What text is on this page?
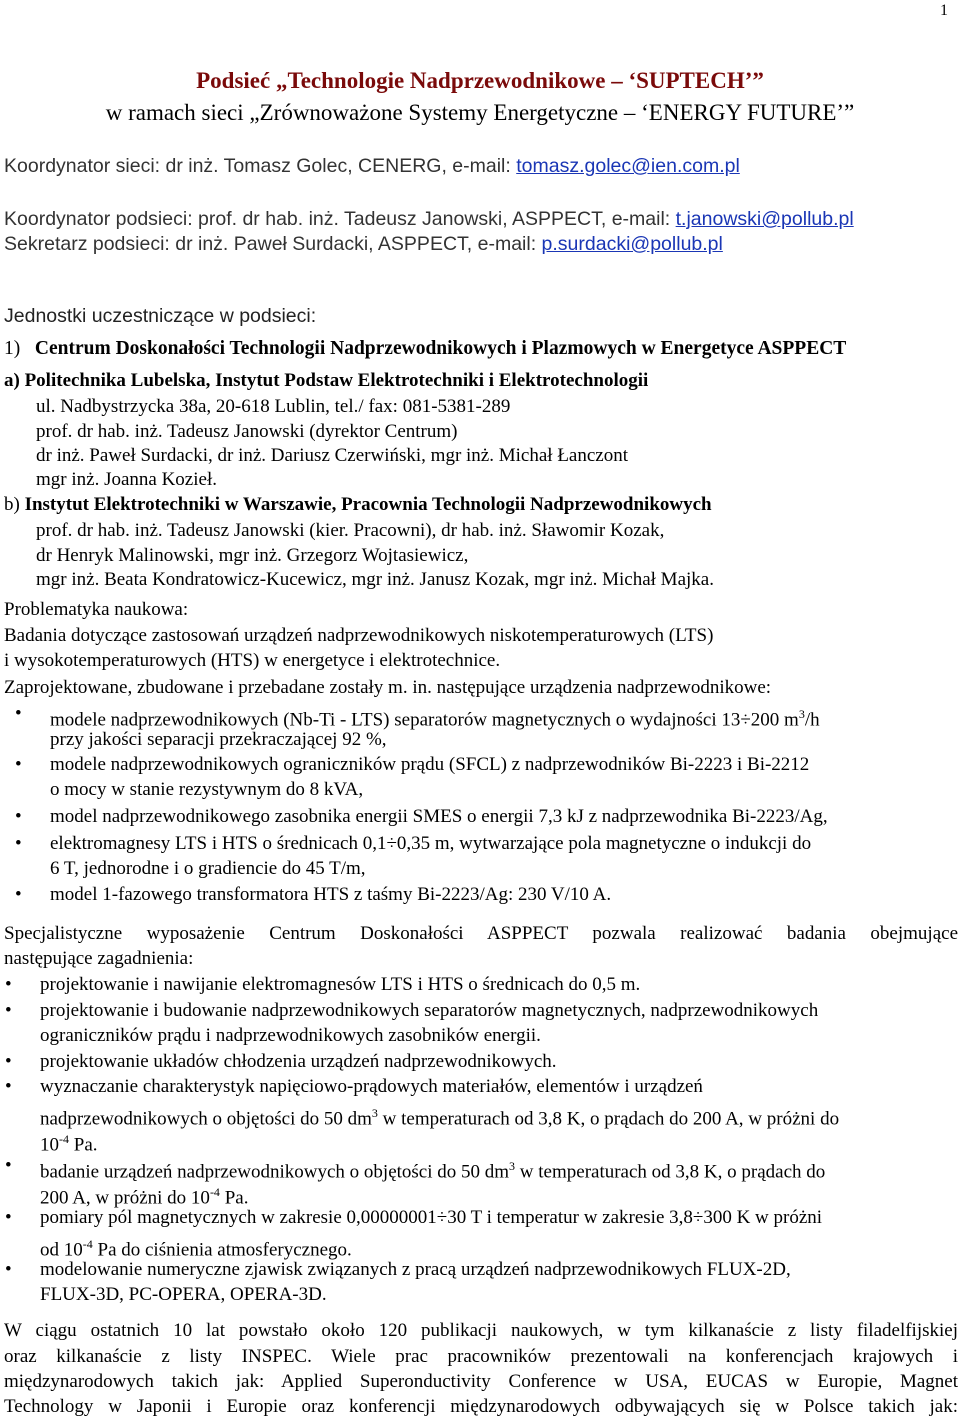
1
Podsieć „Technologie Nadprzewodnikowe – ‘SUPTECH’”
w ramach sieci „Zrównoważone Systemy Energetyczne – ‘ENERGY FUTURE’”
Koordynator sieci: dr inż. Tomasz Golec, CENERG, e-mail: tomasz.golec@ien.com.pl
Koordynator podsieci: prof. dr hab. inż. Tadeusz Janowski, ASPPECT, e-mail: t.janowski@pollub.pl
Sekretarz podsieci: dr inż. Paweł Surdacki, ASPPECT, e-mail: p.surdacki@pollub.pl
Jednostki uczestniczące w podsieci:
1) Centrum Doskonałości Technologii Nadprzewodnikowych i Plazmowych w Energetyce ASPPECT
a) Politechnika Lubelska, Instytut Podstaw Elektrotechniki i Elektrotechnologii
ul. Nadbystrzycka 38a, 20-618 Lublin, tel./ fax: 081-5381-289
prof. dr hab. inż. Tadeusz Janowski (dyrektor Centrum)
dr inż. Paweł Surdacki, dr inż. Dariusz Czerwiński, mgr inż. Michał Łanczont
mgr inż. Joanna Kozieł.
b) Instytut Elektrotechniki w Warszawie, Pracownia Technologii Nadprzewodnikowych
prof. dr hab. inż. Tadeusz Janowski (kier. Pracowni), dr hab. inż. Sławomir Kozak,
dr Henryk Malinowski, mgr inż. Grzegorz Wojtasiewicz,
mgr inż. Beata Kondratowicz-Kucewicz, mgr inż. Janusz Kozak, mgr inż. Michał Majka.
Problematyka naukowa:
Badania dotyczące zastosowań urządzeń nadprzewodnikowych niskotemperaturowych (LTS)
i wysokotemperaturowych (HTS) w energetyce i elektrotechnice.
Zaprojektowane, zbudowane i przebadane zostały m. in. następujące urządzenia nadprzewodnikowe:
• modele nadprzewodnikowych (Nb-Ti - LTS) separatorów magnetycznych o wydajności 13÷200 $m^3/h$
przy jakości separacji przekraczającej 92 %,
• modele nadprzewodnikowych ograniczników prądu (SFCL) z nadprzewodników Bi-2223 i Bi-2212
o mocy w stanie rezystywnym do 8 kVA,
• model nadprzewodnikowego zasobnika energii SMES o energii 7,3 kJ z nadprzewodnika Bi-2223/Ag,
• elektromagnesy LTS i HTS o średnicach 0,1÷0,35 m, wytwarzające pola magnetyczne o indukcji do
6 T, jednorodne i o gradiencie do 45 T/m,
• model 1-fazowego transformatora HTS z taśmy Bi-2223/Ag: 230 V/10 A.
Specjalistyczne wyposażenie Centrum Doskonałości ASPPECT pozwala realizować badania obejmujące
następujące zagadnienia:
• projektowanie i nawijanie elektromagnesów LTS i HTS o średnicach do 0,5 m.
• projektowanie i budowanie nadprzewodnikowych separatorów magnetycznych, nadprzewodnikowych
ograniczników prądu i nadprzewodnikowych zasobników energii.
• projektowanie układów chłodzenia urządzeń nadprzewodnikowych.
• wyznaczanie charakterystyk napięciowo-prądowych materiałów, elementów i urządzeń
nadprzewodnikowych o objętości do 50 $dm^3$ w temperaturach od 3,8 K, o prądach do 200 A, w próżni do
$10^{-4}$ Pa.
• badanie urządzeń nadprzewodnikowych o objętości do 50 $dm^3$ w temperaturach od 3,8 K, o prądach do
200 A, w próżni do $10^{-4}$ Pa.
• pomiary pól magnetycznych w zakresie 0,00000001÷30 T i temperatur w zakresie 3,8÷300 K w próżni
od $10^{-4}$ Pa do ciśnienia atmosferycznego.
• modelowanie numeryczne zjawisk związanych z pracą urządzeń nadprzewodnikowych FLUX-2D,
FLUX-3D, PC-OPERA, OPERA-3D.
W ciągu ostatnich 10 lat powstało około 120 publikacji naukowych, w tym kilkanaście z listy filadelfijskiej
oraz kilkanaście z listy INSPEC. Wiele prac pracowników prezentowali na konferencjach krajowych i
międzynarodowych takich jak: Applied Superonductivity Conference w USA, EUCAS w Europie, Magnet
Technology w Japonii i Europie oraz konferencji międzynarodowych odbywających się w Polsce takich jak:
